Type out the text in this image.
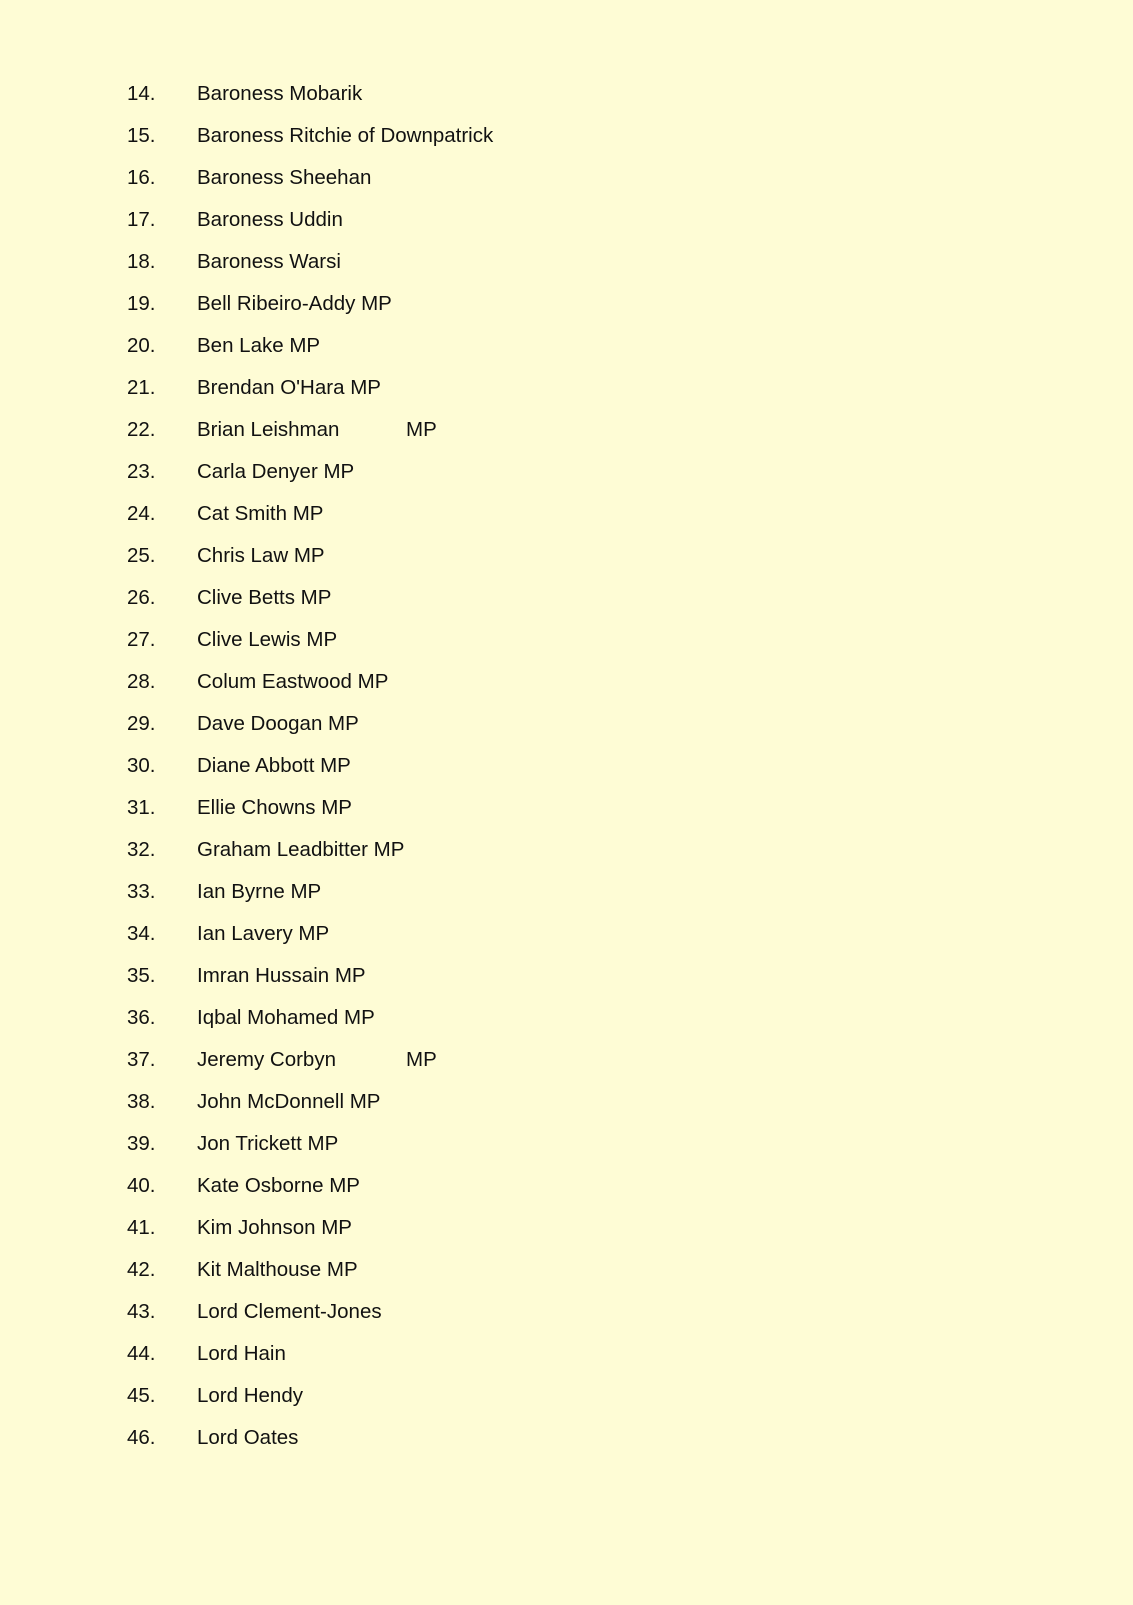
14. Baroness Mobarik
15. Baroness Ritchie of Downpatrick
16. Baroness Sheehan
17. Baroness Uddin
18. Baroness Warsi
19. Bell Ribeiro-Addy MP
20. Ben Lake MP
21. Brendan O'Hara MP
22. Brian Leishman	MP
23. Carla Denyer MP
24. Cat Smith MP
25. Chris Law MP
26. Clive Betts MP
27. Clive Lewis MP
28. Colum Eastwood MP
29. Dave Doogan MP
30. Diane Abbott MP
31. Ellie Chowns MP
32. Graham Leadbitter MP
33. Ian Byrne MP
34. Ian Lavery MP
35. Imran Hussain MP
36. Iqbal Mohamed MP
37. Jeremy Corbyn	MP
38. John McDonnell MP
39. Jon Trickett MP
40. Kate Osborne MP
41. Kim Johnson MP
42. Kit Malthouse MP
43. Lord Clement-Jones
44. Lord Hain
45. Lord Hendy
46. Lord Oates
